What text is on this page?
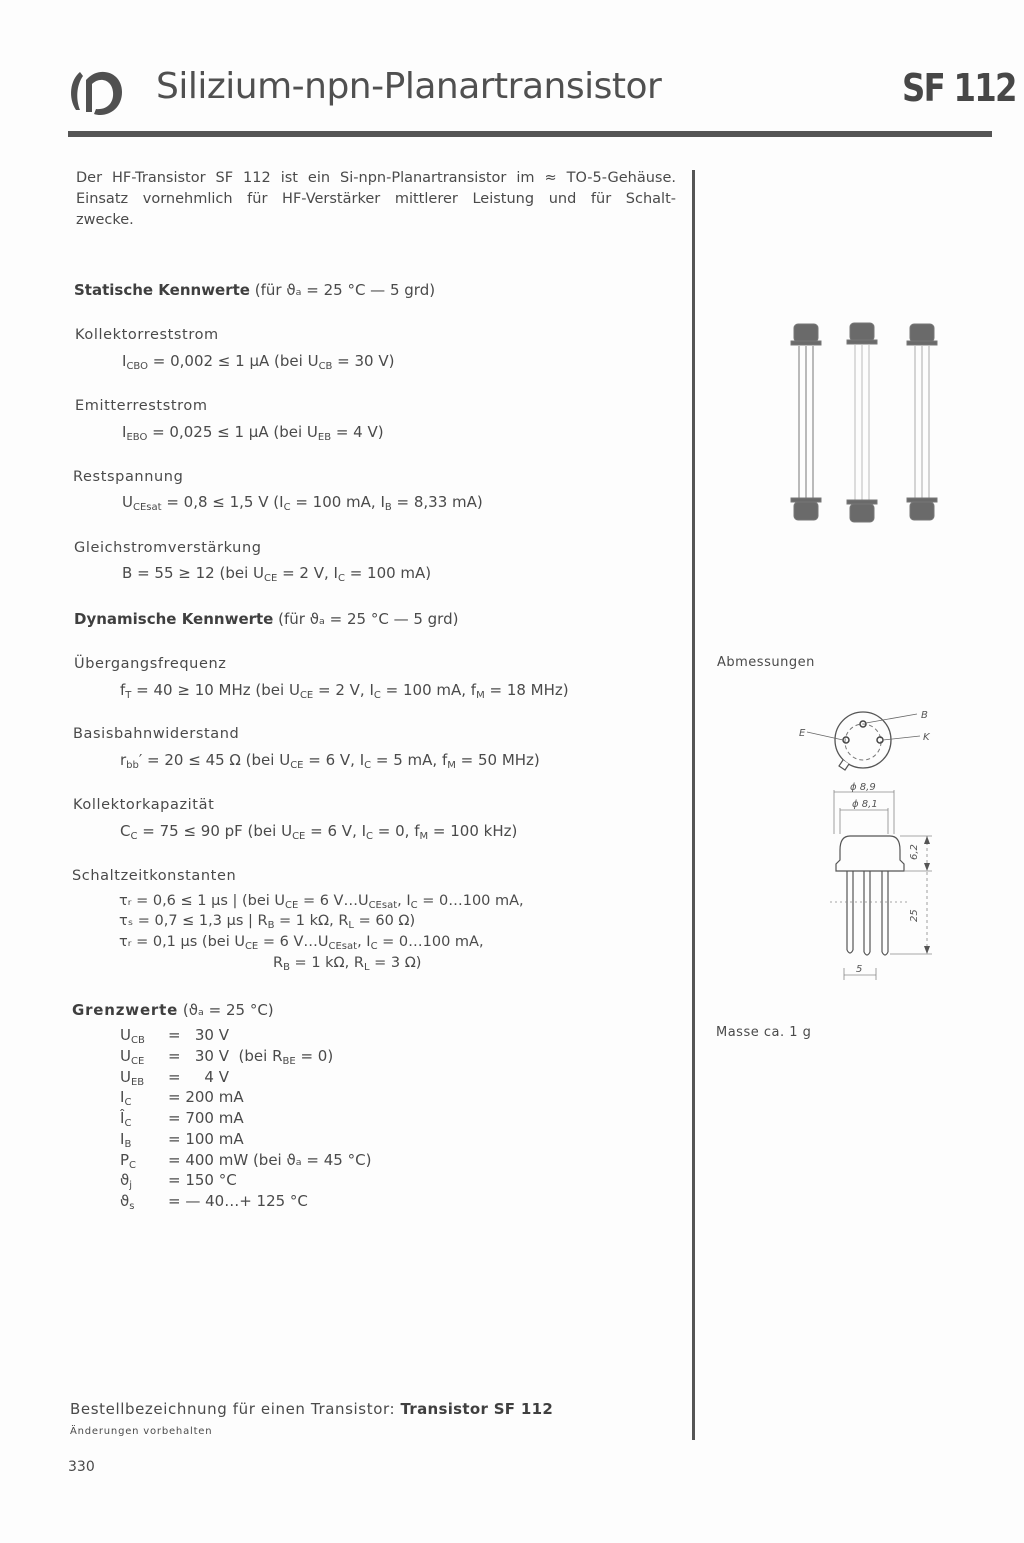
Silizium-npn-Planartransistor	SF 112
Der HF-Transistor SF 112 ist ein Si-npn-Planartransistor im ≈ TO-5-Gehäuse.
Einsatz vornehmlich für HF-Verstärker mittlerer Leistung und für Schalt-
zwecke.
Statische Kennwerte (für ϑₐ = 25 °C — 5 grd)
Kollektorreststrom
$I_{CBO} = 0,002 \le 1$ µA (bei $U_{CB} = 30$ V)
Emitterreststrom
$I_{EBO} = 0,025 \le 1$ µA (bei $U_{EB} = 4$ V)
Restspannung
$U_{CEsat} = 0,8 \le 1,5$ V ($I_C = 100$ mA, $I_B = 8,33$ mA)
Gleichstromverstärkung
B = 55 ≥ 12 (bei $U_{CE} = 2$ V, $I_C = 100$ mA)
Dynamische Kennwerte (für ϑₐ = 25 °C — 5 grd)
Übergangsfrequenz
$f_T = 40 \ge 10$ MHz (bei $U_{CE} = 2$ V, $I_C = 100$ mA, $f_M = 18$ MHz)
Basisbahnwiderstand
$r_{bb}' = 20 \le 45$ Ω (bei $U_{CE} = 6$ V, $I_C = 5$ mA, $f_M = 50$ MHz)
Kollektorkapazität
$C_C = 75 \le 90$ pF (bei $U_{CE} = 6$ V, $I_C = 0$, $f_M = 100$ kHz)
Schaltzeitkonstanten
τᵣ = 0,6 ≤ 1 µs | (bei $U_{CE} = 6$ $V\dots U_{CEsat}$, $I_C$ = 0…100 mA,
τₛ = 0,7 ≤ 1,3 µs | $R_B = 1$ kΩ, $R_L = 60$ Ω)
τᵣ = 0,1 µs (bei $U_{CE} = 6$ $V\dots U_{CEsat}$, $I_C$ = 0…100 mA,
$R_B = 1$ kΩ, $R_L = 3$ Ω)
Grenzwerte (ϑₐ = 25 °C)
$U_{CB} = 30$ V
$U_{CE} = 30$ V  (bei $R_{BE} = 0$)
$U_{EB}$ =     4 V
$I_C = 200$ mA
$Î_C = 700$ mA
$I_B = 100$ mA
$P_C = 400$ mW (bei ϑₐ = 45 °C)
$ϑ_j = 150$ °C
$ϑ_s$ = — 40…+ 125 °C
Abmessungen
B
K
E
ϕ 8,9
ϕ 8,1
6,2
25
5
Masse ca. 1 g
Bestellbezeichnung für einen Transistor: Transistor SF 112
Änderungen vorbehalten
330
